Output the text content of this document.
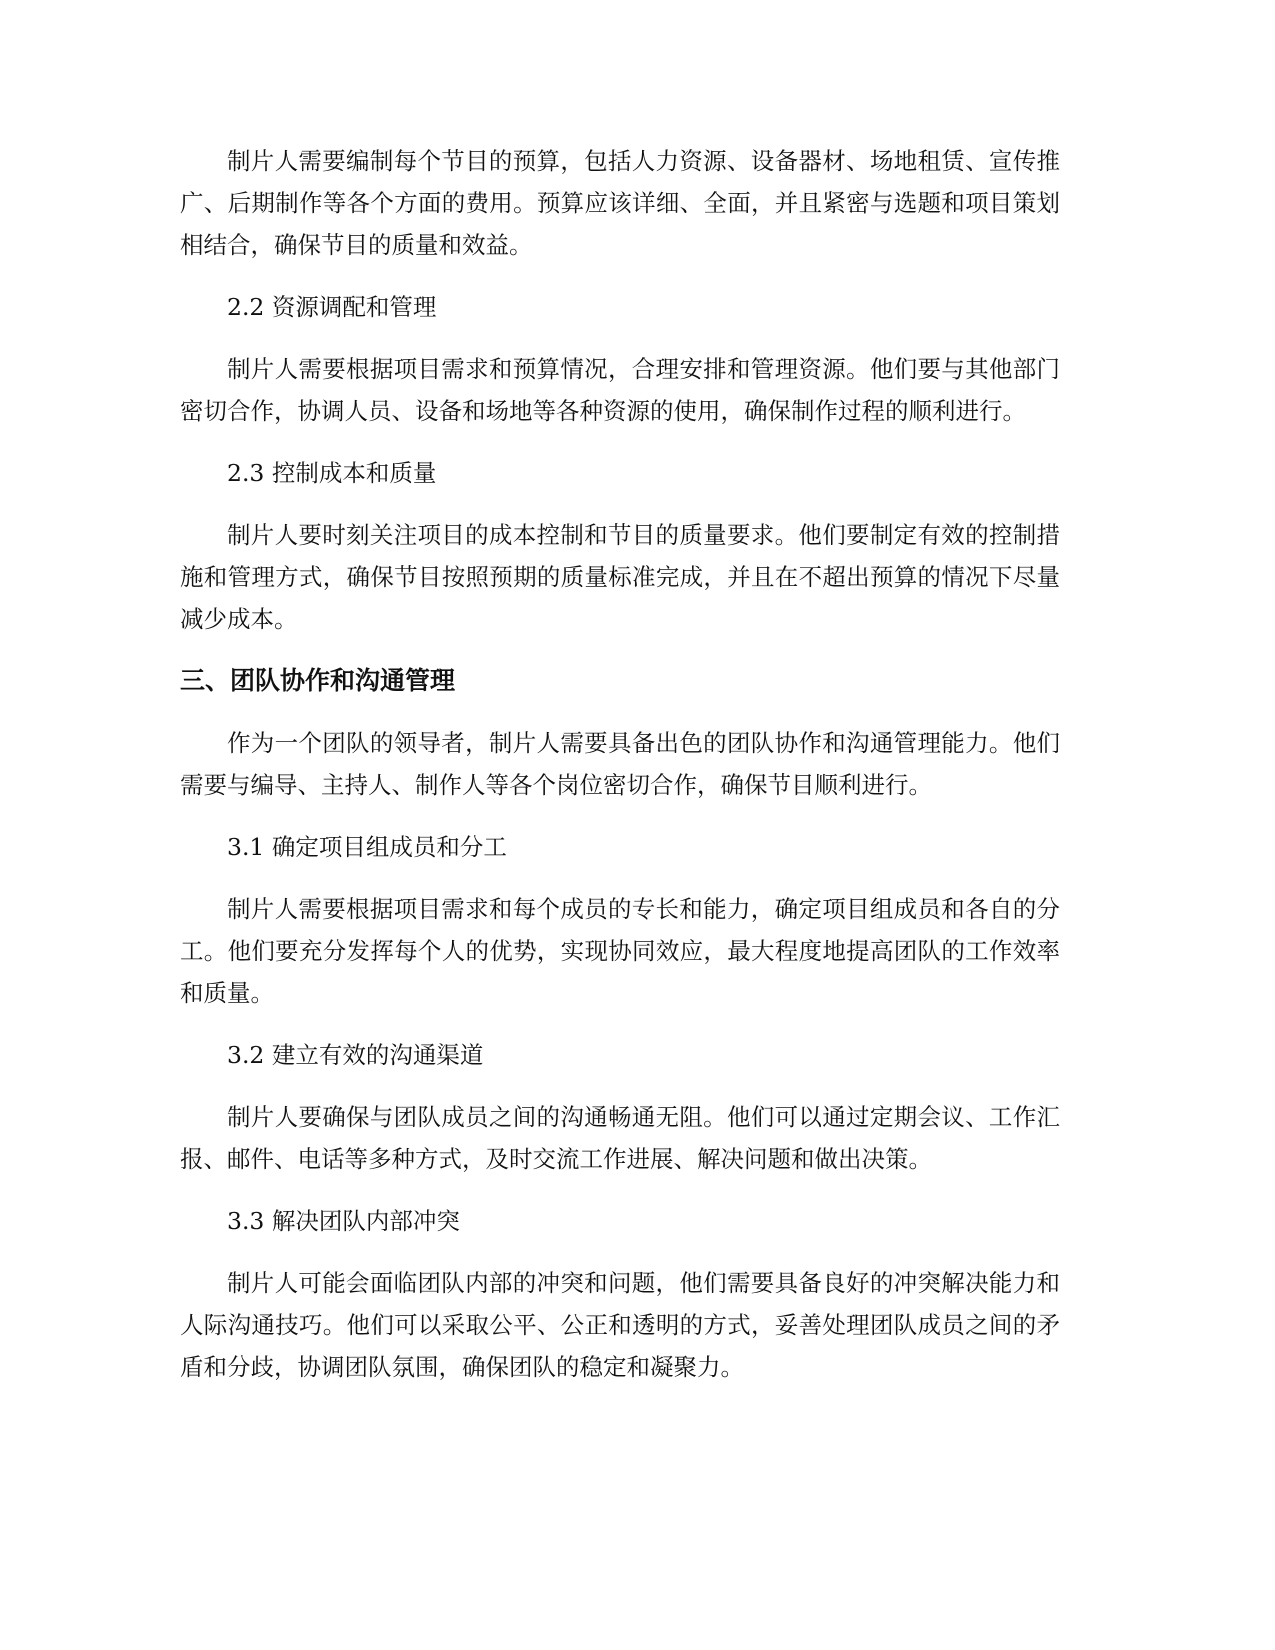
制片人需要编制每个节目的预算，包括人力资源、设备器材、场地租赁、宣传推广、后期制作等各个方面的费用。预算应该详细、全面，并且紧密与选题和项目策划相结合，确保节目的质量和效益。

2.2 资源调配和管理

制片人需要根据项目需求和预算情况，合理安排和管理资源。他们要与其他部门密切合作，协调人员、设备和场地等各种资源的使用，确保制作过程的顺利进行。

2.3 控制成本和质量

制片人要时刻关注项目的成本控制和节目的质量要求。他们要制定有效的控制措施和管理方式，确保节目按照预期的质量标准完成，并且在不超出预算的情况下尽量减少成本。

三、团队协作和沟通管理

作为一个团队的领导者，制片人需要具备出色的团队协作和沟通管理能力。他们需要与编导、主持人、制作人等各个岗位密切合作，确保节目顺利进行。

3.1 确定项目组成员和分工

制片人需要根据项目需求和每个成员的专长和能力，确定项目组成员和各自的分工。他们要充分发挥每个人的优势，实现协同效应，最大程度地提高团队的工作效率和质量。

3.2 建立有效的沟通渠道

制片人要确保与团队成员之间的沟通畅通无阻。他们可以通过定期会议、工作汇报、邮件、电话等多种方式，及时交流工作进展、解决问题和做出决策。

3.3 解决团队内部冲突

制片人可能会面临团队内部的冲突和问题，他们需要具备良好的冲突解决能力和人际沟通技巧。他们可以采取公平、公正和透明的方式，妥善处理团队成员之间的矛盾和分歧，协调团队氛围，确保团队的稳定和凝聚力。
